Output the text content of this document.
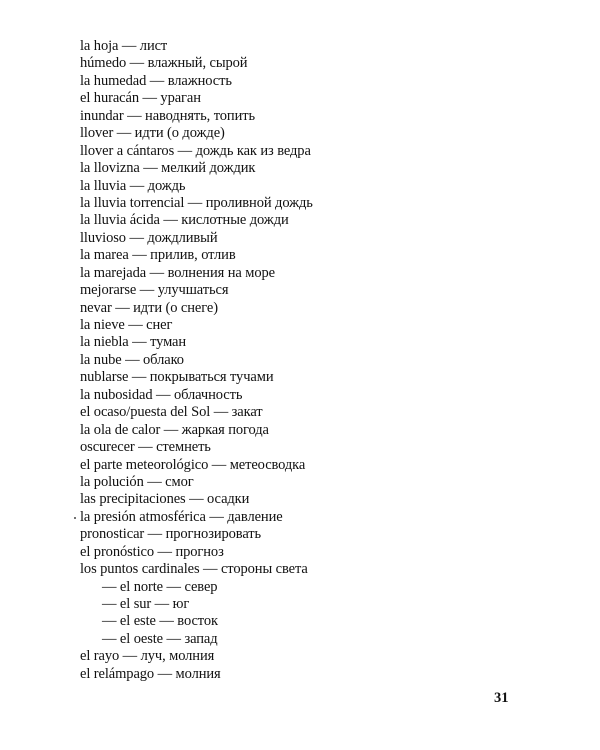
la hoja — лист
húmedo — влажный, сырой
la humedad — влажность
el huracán — ураган
inundar — наводнять, топить
llover — идти (о дожде)
llover a cántaros — дождь как из ведра
la llovizna — мелкий дождик
la lluvia — дождь
la lluvia torrencial — проливной дождь
la lluvia ácida — кислотные дожди
lluvioso — дождливый
la marea — прилив, отлив
la marejada — волнения на море
mejorarse — улучшаться
nevar — идти (о снеге)
la nieve — снег
la niebla — туман
la nube — облако
nublarse — покрываться тучами
la nubosidad — облачность
el ocaso/puesta del Sol — закат
la ola de calor — жаркая погода
oscurecer — стемнеть
el parte meteorológico — метеосводка
la polución — смог
las precipitaciones — осадки
la presión atmosférica — давление
pronosticar — прогнозировать
el pronóstico — прогноз
los puntos cardinales — стороны света
— el norte — север
— el sur — юг
— el este — восток
— el oeste — запад
el rayo — луч, молния
el relámpago — молния
31
